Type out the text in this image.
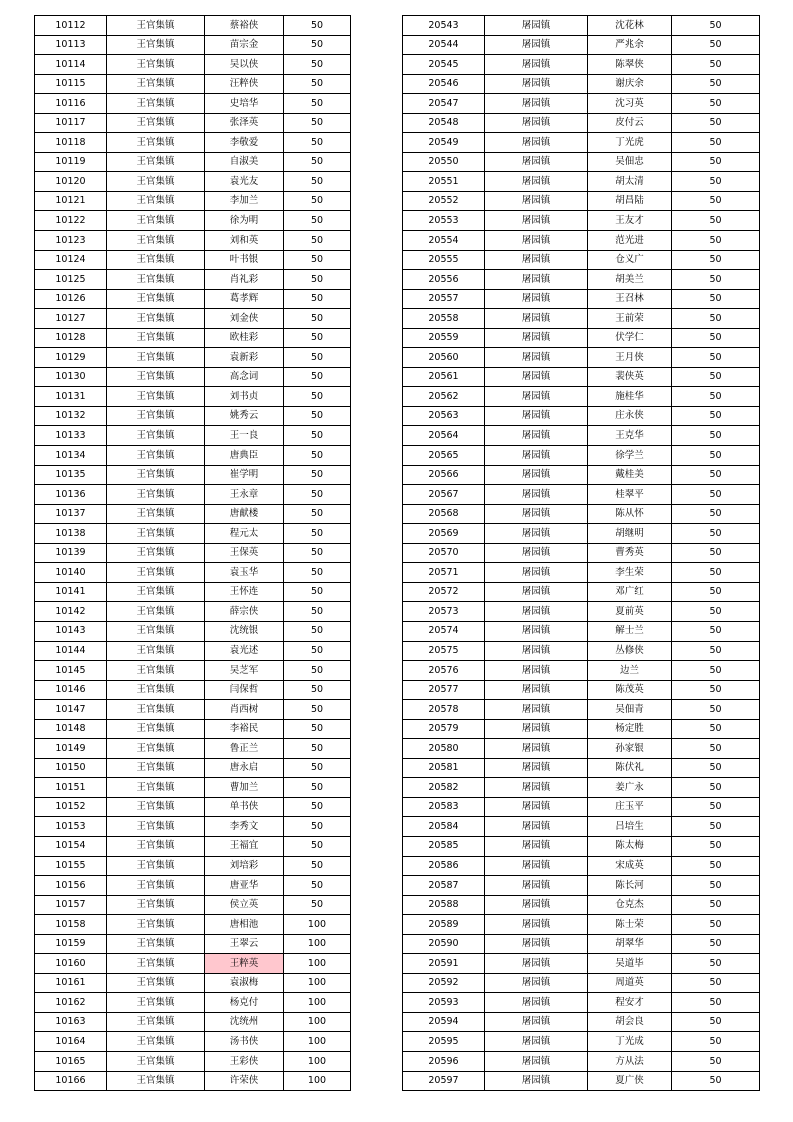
10112	王官集镇	蔡裕侠	50
10113	王官集镇	苗宗金	50
10114	王官集镇	吴以侠	50
10115	王官集镇	汪粹侠	50
10116	王官集镇	史培华	50
10117	王官集镇	张泽英	50
10118	王官集镇	李敬爱	50
10119	王官集镇	自淑美	50
10120	王官集镇	袁光友	50
10121	王官集镇	李加兰	50
10122	王官集镇	徐为明	50
10123	王官集镇	刘和英	50
10124	王官集镇	叶书银	50
10125	王官集镇	肖礼彩	50
10126	王官集镇	葛孝辉	50
10127	王官集镇	刘金侠	50
10128	王官集镇	欧桂彩	50
10129	王官集镇	袁新彩	50
10130	王官集镇	高念词	50
10131	王官集镇	刘书贞	50
10132	王官集镇	姚秀云	50
10133	王官集镇	王一良	50
10134	王官集镇	唐典臣	50
10135	王官集镇	崔学明	50
10136	王官集镇	王永章	50
10137	王官集镇	唐献楼	50
10138	王官集镇	程元太	50
10139	王官集镇	王保英	50
10140	王官集镇	袁玉华	50
10141	王官集镇	王怀连	50
10142	王官集镇	薛宗侠	50
10143	王官集镇	沈统银	50
10144	王官集镇	袁光述	50
10145	王官集镇	吴芝军	50
10146	王官集镇	闫保哲	50
10147	王官集镇	肖西树	50
10148	王官集镇	李裕民	50
10149	王官集镇	鲁正兰	50
10150	王官集镇	唐永启	50
10151	王官集镇	曹加兰	50
10152	王官集镇	单书侠	50
10153	王官集镇	李秀文	50
10154	王官集镇	王福宜	50
10155	王官集镇	刘培彩	50
10156	王官集镇	唐亚华	50
10157	王官集镇	侯立英	50
10158	王官集镇	唐相池	100
10159	王官集镇	王翠云	100
10160	王官集镇	王粹英	100
10161	王官集镇	袁淑梅	100
10162	王官集镇	杨克付	100
10163	王官集镇	沈统州	100
10164	王官集镇	汤书侠	100
10165	王官集镇	王彩侠	100
10166	王官集镇	许荣侠	100
20543	屠园镇	沈花林	50
20544	屠园镇	严兆余	50
20545	屠园镇	陈翠侠	50
20546	屠园镇	谢庆余	50
20547	屠园镇	沈习英	50
20548	屠园镇	皮付云	50
20549	屠园镇	丁光虎	50
20550	屠园镇	吴佃忠	50
20551	屠园镇	胡太清	50
20552	屠园镇	胡昌陆	50
20553	屠园镇	王友才	50
20554	屠园镇	范光进	50
20555	屠园镇	仓义广	50
20556	屠园镇	胡美兰	50
20557	屠园镇	王召林	50
20558	屠园镇	王前荣	50
20559	屠园镇	伏学仁	50
20560	屠园镇	王月侠	50
20561	屠园镇	裴侠英	50
20562	屠园镇	施桂华	50
20563	屠园镇	庄永侠	50
20564	屠园镇	王克华	50
20565	屠园镇	徐学兰	50
20566	屠园镇	戴桂美	50
20567	屠园镇	桂翠平	50
20568	屠园镇	陈从怀	50
20569	屠园镇	胡继明	50
20570	屠园镇	曹秀英	50
20571	屠园镇	李生荣	50
20572	屠园镇	邓广红	50
20573	屠园镇	夏前英	50
20574	屠园镇	解士兰	50
20575	屠园镇	丛修侠	50
20576	屠园镇	边兰	50
20577	屠园镇	陈茂英	50
20578	屠园镇	吴佃青	50
20579	屠园镇	杨定胜	50
20580	屠园镇	孙家银	50
20581	屠园镇	陈伏礼	50
20582	屠园镇	姜广永	50
20583	屠园镇	庄玉平	50
20584	屠园镇	吕培生	50
20585	屠园镇	陈太梅	50
20586	屠园镇	宋成英	50
20587	屠园镇	陈长河	50
20588	屠园镇	仓克杰	50
20589	屠园镇	陈士荣	50
20590	屠园镇	胡翠华	50
20591	屠园镇	吴道毕	50
20592	屠园镇	周道英	50
20593	屠园镇	程安才	50
20594	屠园镇	胡会良	50
20595	屠园镇	丁光成	50
20596	屠园镇	方从法	50
20597	屠园镇	夏广侠	50
